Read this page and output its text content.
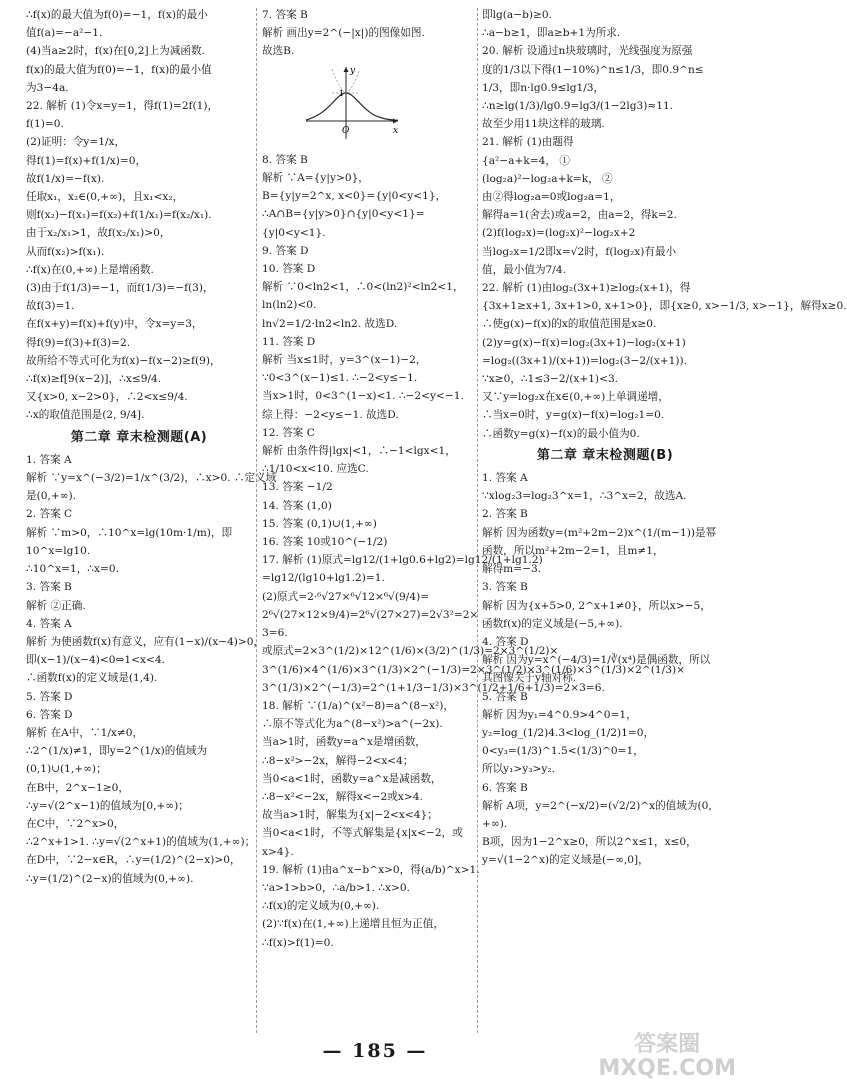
∴f(x)的最大值为f(0)=−1，f(x)的最小
值f(a)=−a²−1.
(4)当a≥2时，f(x)在[0,2]上为减函数.
f(x)的最大值为f(0)=−1，f(x)的最小值
为3−4a.
22. 解析 (1)令x=y=1，得f(1)=2f(1)，
f(1)=0.
(2)证明：令y=1/x，
得f(1)=f(x)+f(1/x)=0，
故f(1/x)=−f(x).
任取x₁，x₂∈(0,+∞)，且x₁<x₂，
则f(x₂)−f(x₁)=f(x₂)+f(1/x₁)=f(x₂/x₁).
由于x₂/x₁>1，故f(x₂/x₁)>0，
从而f(x₂)>f(x₁).
∴f(x)在(0,+∞)上是增函数.
(3)由于f(1/3)=−1，而f(1/3)=−f(3)，
故f(3)=1.
在f(x+y)=f(x)+f(y)中，令x=y=3，
得f(9)=f(3)+f(3)=2.
故所给不等式可化为f(x)−f(x−2)≥f(9)，
∴f(x)≥f[9(x−2)]，∴x≤9/4.
又{x>0, x−2>0}，∴2<x≤9/4.
∴x的取值范围是(2, 9/4].
第二章 章末检测题(A)
1. 答案 A
解析 ∵y=x^(−3/2)=1/x^(3/2)，∴x>0. ∴定义域
是(0,+∞).
2. 答案 C
解析 ∵m>0，∴10^x=lg(10m·1/m)，即
10^x=lg10.
∴10^x=1，∴x=0.
3. 答案 B
解析 ②正确.
4. 答案 A
解析 为使函数f(x)有意义，应有(1−x)/(x−4)>0，
即(x−1)/(x−4)<0⇔1<x<4.
∴函数f(x)的定义域是(1,4).
5. 答案 D
6. 答案 D
解析 在A中，∵1/x≠0，
∴2^(1/x)≠1，即y=2^(1/x)的值域为
(0,1)∪(1,+∞)；
在B中，2^x−1≥0，
∴y=√(2^x−1)的值域为[0,+∞)；
在C中，∵2^x>0，
∴2^x+1>1. ∴y=√(2^x+1)的值域为(1,+∞)；
在D中，∵2−x∈R，∴y=(1/2)^(2−x)>0，
∴y=(1/2)^(2−x)的值域为(0,+∞).
7. 答案 B
解析 画出y=2^(−|x|)的图像如图.
故选B.
O
1
x
y
8. 答案 B
解析 ∵A={y|y>0}，
B={y|y=2^x, x<0}={y|0<y<1}，
∴A∩B={y|y>0}∩{y|0<y<1}=
{y|0<y<1}.
9. 答案 D
10. 答案 D
解析 ∵0<ln2<1，∴0<(ln2)²<ln2<1，
ln(ln2)<0.
ln√2=1/2·ln2<ln2. 故选D.
11. 答案 D
解析 当x≤1时，y=3^(x−1)−2，
∵0<3^(x−1)≤1. ∴−2<y≤−1.
当x>1时，0<3^(1−x)<1. ∴−2<y<−1.
综上得：−2<y≤−1. 故选D.
12. 答案 C
解析 由条件得|lgx|<1，∴−1<lgx<1，
∴1/10<x<10. 应选C.
13. 答案 −1/2
14. 答案 (1,0)
15. 答案 (0,1)∪(1,+∞)
16. 答案 10或10^(−1/2)
17. 解析 (1)原式=lg12/(1+lg0.6+lg2)=lg12/(1+lg1.2)
=lg12/(lg10+lg1.2)=1.
(2)原式=2·⁶√27×⁶√12×⁶√(9/4)=
2⁶√(27×12×9/4)=2⁶√(27×27)=2√3²=2×
3=6.
或原式=2×3^(1/2)×12^(1/6)×(3/2)^(1/3)=2×3^(1/2)×
3^(1/6)×4^(1/6)×3^(1/3)×2^(−1/3)=2×3^(1/2)×3^(1/6)×3^(1/3)×2^(1/3)×
3^(1/3)×2^(−1/3)=2^(1+1/3−1/3)×3^(1/2+1/6+1/3)=2×3=6.
18. 解析 ∵(1/a)^(x²−8)=a^(8−x²)，
∴原不等式化为a^(8−x²)>a^(−2x).
当a>1时，函数y=a^x是增函数，
∴8−x²>−2x，解得−2<x<4；
当0<a<1时，函数y=a^x是减函数，
∴8−x²<−2x，解得x<−2或x>4.
故当a>1时，解集为{x|−2<x<4}；
当0<a<1时，不等式解集是{x|x<−2，或
x>4}.
19. 解析 (1)由a^x−b^x>0，得(a/b)^x>1.
∵a>1>b>0，∴a/b>1. ∴x>0.
∴f(x)的定义域为(0,+∞).
(2)∵f(x)在(1,+∞)上递增且恒为正值，
∴f(x)>f(1)=0.
即lg(a−b)≥0.
∴a−b≥1，即a≥b+1为所求.
20. 解析 设通过n块玻璃时，光线强度为原强
度的1/3以下得(1−10%)^n≤1/3，即0.9^n≤
1/3，即n·lg0.9≤lg1/3，
∴n≥lg(1/3)/lg0.9=lg3/(1−2lg3)≈11.
故至少用11块这样的玻璃.
21. 解析 (1)由题得
{a²−a+k=4， ①
(log₂a)²−log₂a+k=k， ②
由②得log₂a=0或log₂a=1，
解得a=1(舍去)或a=2，由a=2，得k=2.
(2)f(log₂x)=(log₂x)²−log₂x+2
当log₂x=1/2即x=√2时，f(log₂x)有最小
值，最小值为7/4.
22. 解析 (1)由log₂(3x+1)≥log₂(x+1)，得
{3x+1≥x+1, 3x+1>0, x+1>0}，即{x≥0, x>−1/3, x>−1}，解得x≥0.
∴使g(x)−f(x)的x的取值范围是x≥0.
(2)y=g(x)−f(x)=log₂(3x+1)−log₂(x+1)
=log₂((3x+1)/(x+1))=log₂(3−2/(x+1)).
∵x≥0，∴1≤3−2/(x+1)<3.
又∵y=log₂x在x∈(0,+∞)上单调递增，
∴当x=0时，y=g(x)−f(x)=log₂1=0.
∴函数y=g(x)−f(x)的最小值为0.
第二章 章末检测题(B)
1. 答案 A
∵xlog₂3=log₂3^x=1，∴3^x=2，故选A.
2. 答案 B
解析 因为函数y=(m²+2m−2)x^(1/(m−1))是幂
函数，所以m²+2m−2=1，且m≠1，
解得m=−3.
3. 答案 B
解析 因为{x+5>0, 2^x+1≠0}，所以x>−5，
函数f(x)的定义域是(−5,+∞).
4. 答案 D
解析 因为y=x^(−4/3)=1/∛(x⁴)是偶函数，所以
其图像关于y轴对称.
5. 答案 B
解析 因为y₁=4^0.9>4^0=1，
y₂=log_(1/2)4.3<log_(1/2)1=0，
0<y₃=(1/3)^1.5<(1/3)^0=1，
所以y₁>y₃>y₂.
6. 答案 B
解析 A项，y=2^(−x/2)=(√2/2)^x的值域为(0,
+∞).
B项，因为1−2^x≥0，所以2^x≤1，x≤0，
y=√(1−2^x)的定义域是(−∞,0]，
— 185 —	答案圈
MXQE.COM
